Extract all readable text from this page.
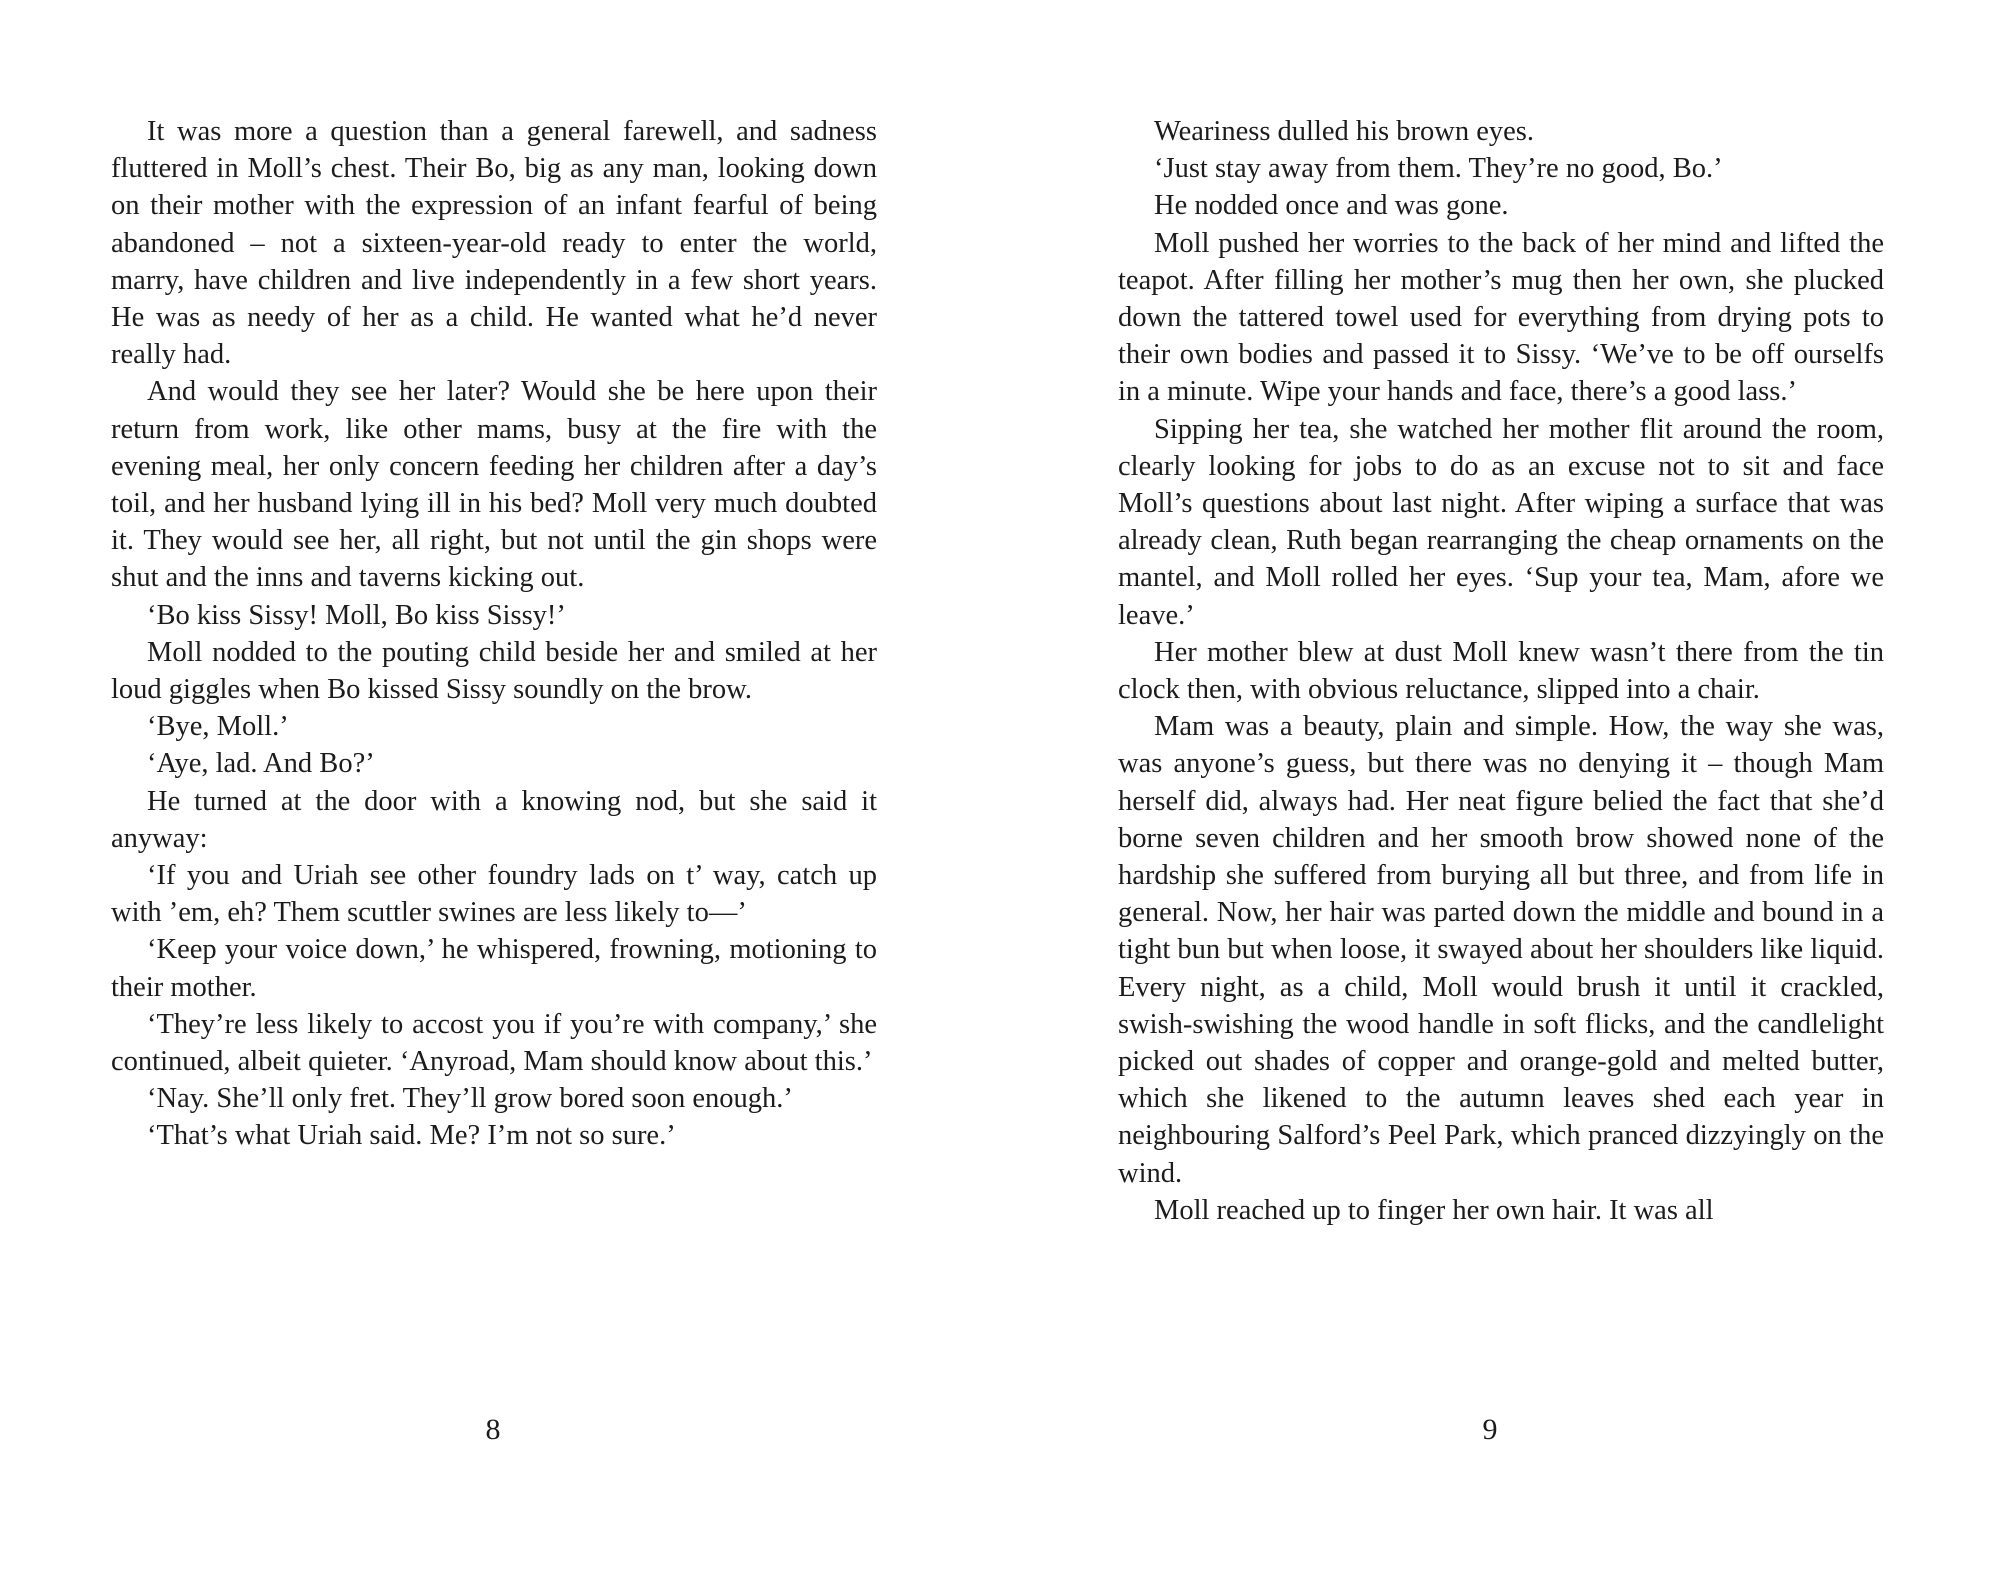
It was more a question than a general farewell, and sadness fluttered in Moll’s chest. Their Bo, big as any man, looking down on their mother with the expression of an infant fearful of being abandoned – not a sixteen-year-old ready to enter the world, marry, have children and live independently in a few short years. He was as needy of her as a child. He wanted what he’d never really had.

And would they see her later? Would she be here upon their return from work, like other mams, busy at the fire with the evening meal, her only concern feeding her children after a day’s toil, and her husband lying ill in his bed? Moll very much doubted it. They would see her, all right, but not until the gin shops were shut and the inns and taverns kicking out.

‘Bo kiss Sissy! Moll, Bo kiss Sissy!’

Moll nodded to the pouting child beside her and smiled at her loud giggles when Bo kissed Sissy soundly on the brow.

‘Bye, Moll.’

‘Aye, lad. And Bo?’

He turned at the door with a knowing nod, but she said it anyway:

‘If you and Uriah see other foundry lads on t’ way, catch up with ’em, eh? Them scuttler swines are less likely to—’

‘Keep your voice down,’ he whispered, frowning, motioning to their mother.

‘They’re less likely to accost you if you’re with company,’ she continued, albeit quieter. ‘Anyroad, Mam should know about this.’

‘Nay. She’ll only fret. They’ll grow bored soon enough.’

‘That’s what Uriah said. Me? I’m not so sure.’

Weariness dulled his brown eyes.

‘Just stay away from them. They’re no good, Bo.’

He nodded once and was gone.

Moll pushed her worries to the back of her mind and lifted the teapot. After filling her mother’s mug then her own, she plucked down the tattered towel used for everything from drying pots to their own bodies and passed it to Sissy. ‘We’ve to be off ourselfs in a minute. Wipe your hands and face, there’s a good lass.’

Sipping her tea, she watched her mother flit around the room, clearly looking for jobs to do as an excuse not to sit and face Moll’s questions about last night. After wiping a surface that was already clean, Ruth began rearranging the cheap ornaments on the mantel, and Moll rolled her eyes. ‘Sup your tea, Mam, afore we leave.’

Her mother blew at dust Moll knew wasn’t there from the tin clock then, with obvious reluctance, slipped into a chair.

Mam was a beauty, plain and simple. How, the way she was, was anyone’s guess, but there was no denying it – though Mam herself did, always had. Her neat figure belied the fact that she’d borne seven children and her smooth brow showed none of the hardship she suffered from burying all but three, and from life in general. Now, her hair was parted down the middle and bound in a tight bun but when loose, it swayed about her shoulders like liquid. Every night, as a child, Moll would brush it until it crackled, swish-swishing the wood handle in soft flicks, and the candlelight picked out shades of copper and orange-gold and melted butter, which she likened to the autumn leaves shed each year in neighbouring Salford’s Peel Park, which pranced dizzyingly on the wind.

Moll reached up to finger her own hair. It was all

8	9
